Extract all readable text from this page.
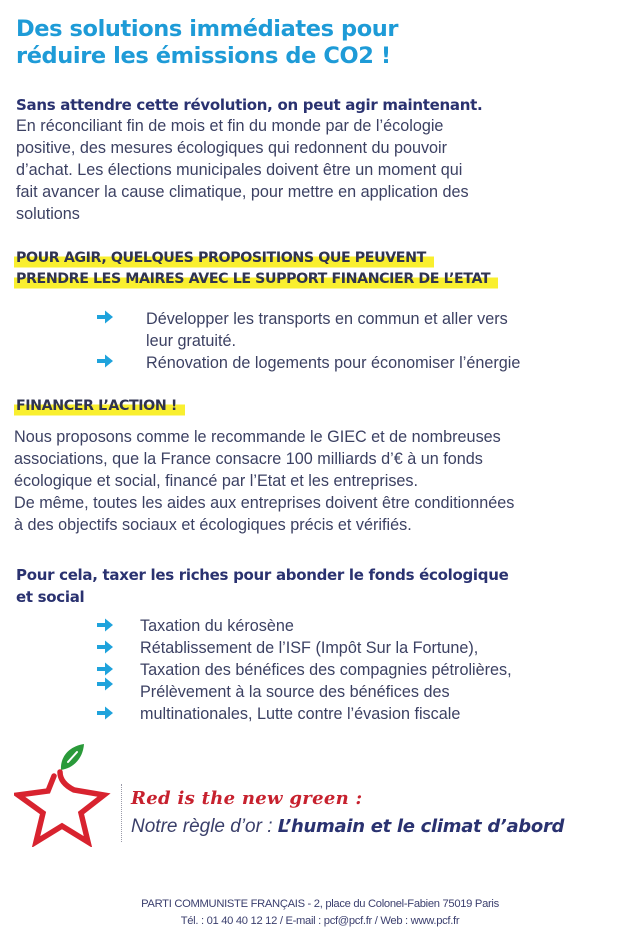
Des solutions immédiates pour
réduire les émissions de CO2 !
Sans attendre cette révolution, on peut agir maintenant.
En réconciliant fin de mois et fin du monde par de l’écologie
positive, des mesures écologiques qui redonnent du pouvoir
d’achat. Les élections municipales doivent être un moment qui
fait avancer la cause climatique, pour mettre en application des
solutions
POUR AGIR, QUELQUES PROPOSITIONS QUE PEUVENT
PRENDRE LES MAIRES AVEC LE SUPPORT FINANCIER DE L’ETAT
Développer les transports en commun et aller vers
leur gratuité.
Rénovation de logements pour économiser l’énergie
FINANCER L’ACTION !
Nous proposons comme le recommande le GIEC et de nombreuses
associations, que la France consacre 100 milliards d’€ à un fonds
écologique et social, financé par l’Etat et les entreprises.
De même, toutes les aides aux entreprises doivent être conditionnées
à des objectifs sociaux et écologiques précis et vérifiés.
Pour cela, taxer les riches pour abonder le fonds écologique
et social
Taxation du kérosène
Rétablissement de l’ISF (Impôt Sur la Fortune),
Taxation des bénéfices des compagnies pétrolières,
Prélèvement à la source des bénéfices des
multinationales, Lutte contre l’évasion fiscale
Red is the new green :
Notre règle d’or : L’humain et le climat d’abord
PARTI COMMUNISTE FRANÇAIS - 2, place du Colonel-Fabien 75019 Paris
Tél. : 01 40 40 12 12 / E-mail : pcf@pcf.fr / Web : www.pcf.fr
